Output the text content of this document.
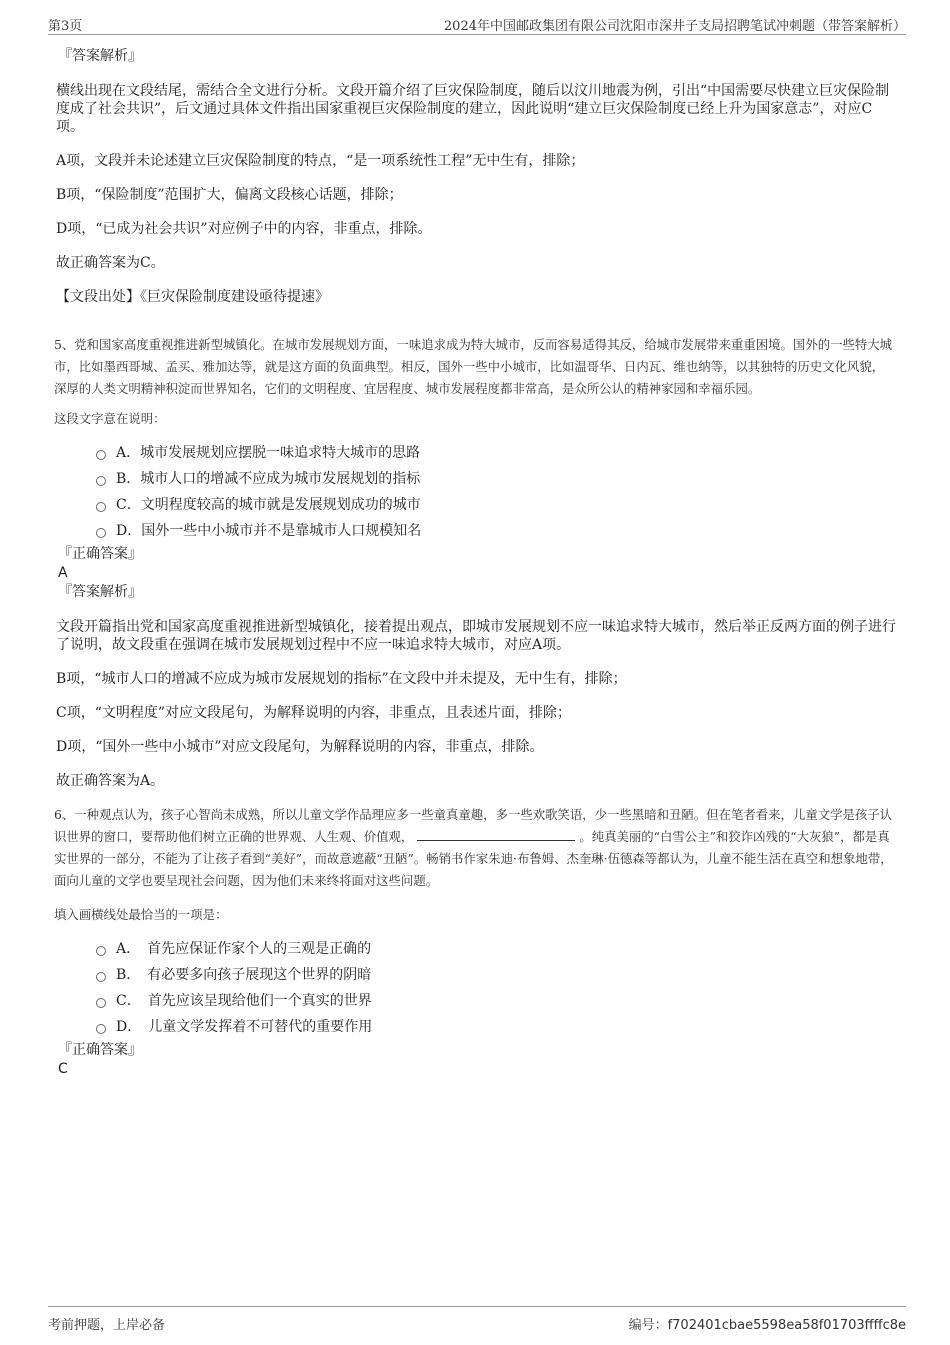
第3页	2024年中国邮政集团有限公司沈阳市深井子支局招聘笔试冲刺题（带答案解析）
『答案解析』

横线出现在文段结尾，需结合全文进行分析。文段开篇介绍了巨灾保险制度，随后以汶川地震为例，引出“中国需要尽快建立巨灾保险制度成了社会共识”，后文通过具体文件指出国家重视巨灾保险制度的建立，因此说明“建立巨灾保险制度已经上升为国家意志”，对应C项。

A项，文段并未论述建立巨灾保险制度的特点，“是一项系统性工程”无中生有，排除；

B项，“保险制度”范围扩大，偏离文段核心话题，排除；

D项，“已成为社会共识”对应例子中的内容，非重点，排除。

故正确答案为C。

【文段出处】《巨灾保险制度建设亟待提速》

5、党和国家高度重视推进新型城镇化。在城市发展规划方面，一味追求成为特大城市，反而容易适得其反，给城市发展带来重重困境。国外的一些特大城市，比如墨西哥城、孟买、雅加达等，就是这方面的负面典型。相反，国外一些中小城市，比如温哥华、日内瓦、维也纳等，以其独特的历史文化风貌，深厚的人类文明精神积淀而世界知名，它们的文明程度、宜居程度、城市发展程度都非常高，是众所公认的精神家园和幸福乐园。

这段文字意在说明：

A．城市发展规划应摆脱一味追求特大城市的思路
B．城市人口的增减不应成为城市发展规划的指标
C．文明程度较高的城市就是发展规划成功的城市
D．国外一些中小城市并不是靠城市人口规模知名
『正确答案』
A
『答案解析』

文段开篇指出党和国家高度重视推进新型城镇化，接着提出观点，即城市发展规划不应一味追求特大城市，然后举正反两方面的例子进行了说明，故文段重在强调在城市发展规划过程中不应一味追求特大城市，对应A项。

B项，“城市人口的增减不应成为城市发展规划的指标”在文段中并未提及，无中生有，排除；

C项，“文明程度”对应文段尾句，为解释说明的内容，非重点，且表述片面，排除；

D项，“国外一些中小城市”对应文段尾句，为解释说明的内容，非重点，排除。

故正确答案为A。

6、一种观点认为，孩子心智尚未成熟，所以儿童文学作品理应多一些童真童趣，多一些欢歌笑语，少一些黑暗和丑陋。但在笔者看来，儿童文学是孩子认识世界的窗口，要帮助他们树立正确的世界观、人生观、价值观，	。纯真美丽的“白雪公主”和狡诈凶残的“大灰狼”，都是真实世界的一部分，不能为了让孩子看到“美好”，而故意遮蔽“丑陋”。畅销书作家朱迪·布鲁姆、杰奎琳·伍德森等都认为，儿童不能生活在真空和想象地带，面向儿童的文学也要呈现社会问题，因为他们未来终将面对这些问题。

填入画横线处最恰当的一项是：

A．　首先应保证作家个人的三观是正确的
B．　有必要多向孩子展现这个世界的阴暗
C．　首先应该呈现给他们一个真实的世界
D．　儿童文学发挥着不可替代的重要作用
『正确答案』
C
考前押题，上岸必备	编号：f702401cbae5598ea58f01703ffffc8e
